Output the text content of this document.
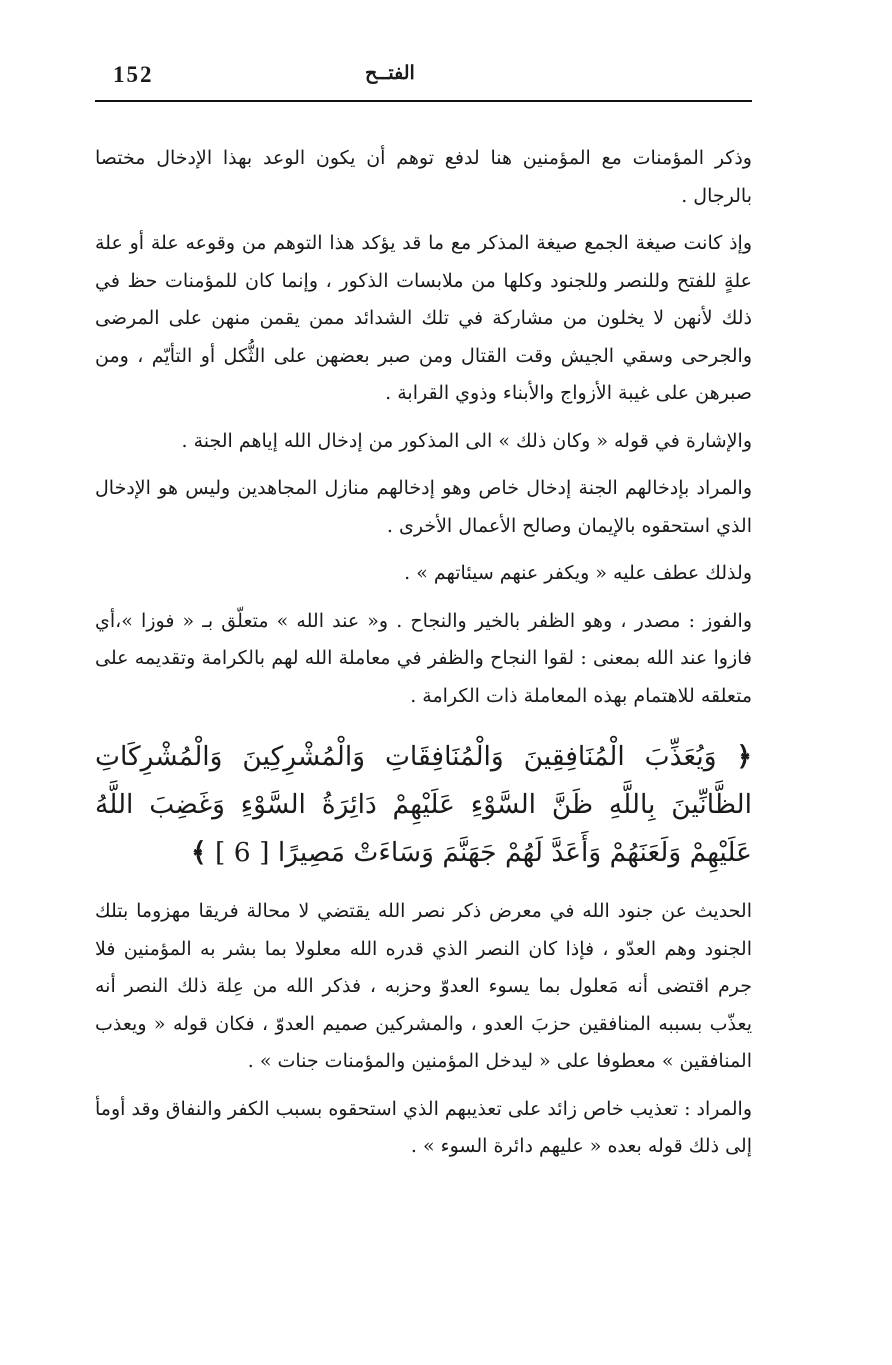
152	الفتــح

وذكر المؤمنات مع المؤمنين هنا لدفع توهم أن يكون الوعد بهذا الإدخال مختصا بالرجال .

وإذ كانت صيغة الجمع صيغة المذكر مع ما قد يؤكد هذا التوهم من وقوعه علة أو علة علةٍ للفتح وللنصر وللجنود وكلها من ملابسات الذكور ، وإنما كان للمؤمنات حظ في ذلك لأنهن لا يخلون من مشاركة في تلك الشدائد ممن يقمن منهن على المرضى والجرحى وسقي الجيش وقت القتال ومن صبر بعضهن على الثُّكل أو التأيّم ، ومن صبرهن على غيبة الأزواج والأبناء وذوي القرابة .

والإشارة في قوله « وكان ذلك » الى المذكور من إدخال الله إياهم الجنة .

والمراد بإدخالهم الجنة إدخال خاص وهو إدخالهم منازل المجاهدين وليس هو الإدخال الذي استحقوه بالإيمان وصالح الأعمال الأخرى .

ولذلك عطف عليه « ويكفر عنهم سيئاتهم » .

والفوز : مصدر ، وهو الظفر بالخير والنجاح . و« عند الله » متعلّق بـ « فوزا »،أي فازوا عند الله بمعنى : لقوا النجاح والظفر في معاملة الله لهم بالكرامة وتقديمه على متعلقه للاهتمام بهذه المعاملة ذات الكرامة .

﴿ وَيُعَذِّبَ الْمُنَافِقِينَ وَالْمُنَافِقَاتِ وَالْمُشْرِكِينَ وَالْمُشْرِكَاتِ الظَّانِّينَ بِاللَّهِ ظَنَّ السَّوْءِ عَلَيْهِمْ دَائِرَةُ السَّوْءِ وَغَضِبَ اللَّهُ عَلَيْهِمْ وَلَعَنَهُمْ وَأَعَدَّ لَهُمْ جَهَنَّمَ وَسَاءَتْ مَصِيرًا [ 6 ] ﴾

الحديث عن جنود الله في معرض ذكر نصر الله يقتضي لا محالة فريقا مهزوما بتلك الجنود وهم العدّو ، فإذا كان النصر الذي قدره الله معلولا بما بشر به المؤمنين فلا جرم اقتضى أنه مَعلول بما يسوء العدوّ وحزبه ، فذكر الله من عِلة ذلك النصر أنه يعذّب بسببه المنافقين حزبَ العدو ، والمشركين صميم العدوّ ، فكان قوله « ويعذب المنافقين » معطوفا على « ليدخل المؤمنين والمؤمنات جنات » .

والمراد : تعذيب خاص زائد على تعذيبهم الذي استحقوه بسبب الكفر والنفاق وقد أومأ إلى ذلك قوله بعده « عليهم دائرة السوء » .
